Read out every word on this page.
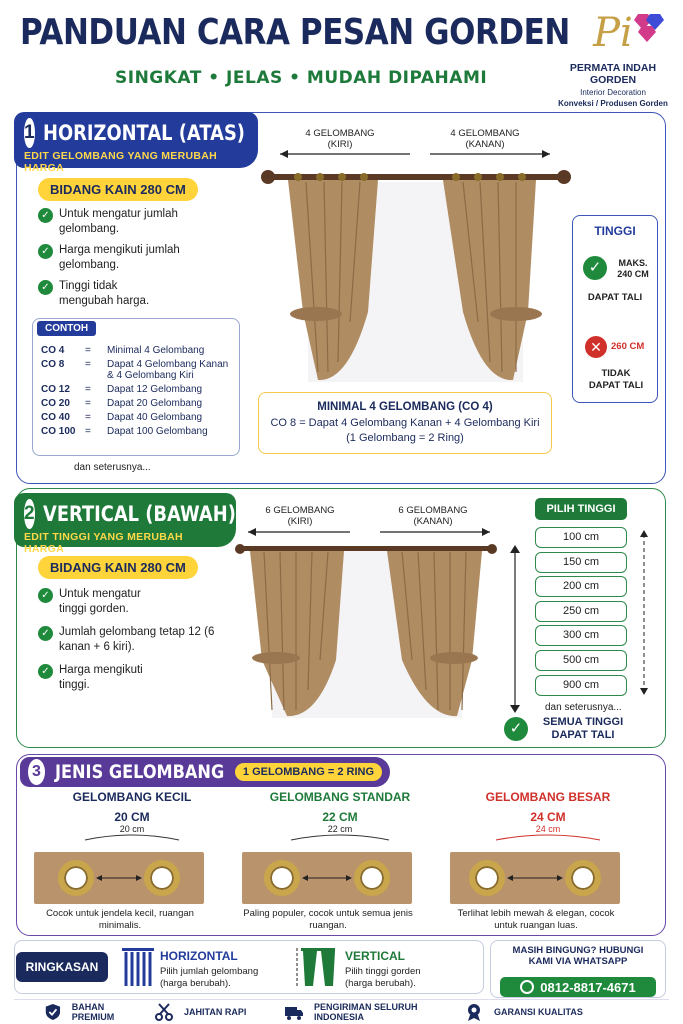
PANDUAN CARA PESAN GORDEN
SINGKAT • JELAS • MUDAH DIPAHAMI
Pi
PERMATA INDAH GORDEN
Interior Decoration
Konveksi / Produsen Gorden
1 HORIZONTAL (ATAS)
EDIT GELOMBANG YANG MERUBAH HARGA
BIDANG KAIN 280 CM
✓ Untuk mengatur jumlah gelombang.
✓ Harga mengikuti jumlah gelombang.
✓ Tinggi tidak mengubah harga.
CONTOH
CO 4	=	Minimal 4 Gelombang
CO 8	=	Dapat 4 Gelombang Kanan & 4 Gelombang Kiri
CO 12	=	Dapat 12 Gelombang
CO 20	=	Dapat 20 Gelombang
CO 40	=	Dapat 40 Gelombang
CO 100	=	Dapat 100 Gelombang
dan seterusnya...
4 GELOMBANG
(KIRI)
4 GELOMBANG
(KANAN)
MINIMAL 4 GELOMBANG (CO 4)
CO 8 = Dapat 4 Gelombang Kanan + 4 Gelombang Kiri
(1 Gelombang = 2 Ring)
TINGGI
✓	MAKS. 240 CM
DAPAT TALI
✕ 260 CM
TIDAK DAPAT TALI
2 VERTICAL (BAWAH)
EDIT TINGGI YANG MERUBAH HARGA
BIDANG KAIN 280 CM
✓ Untuk mengatur tinggi gorden.
✓ Jumlah gelombang tetap 12 (6 kanan + 6 kiri).
✓ Harga mengikuti tinggi.
6 GELOMBANG
(KIRI)
6 GELOMBANG
(KANAN)
PILIH TINGGI
100 cm
150 cm
200 cm
250 cm
300 cm
500 cm
900 cm
dan seterusnya...
✓	SEMUA TINGGI DAPAT TALI
3 JENIS GELOMBANG	1 GELOMBANG = 2 RING
GELOMBANG KECIL
20 CM
20 cm
Cocok untuk jendela kecil, ruangan minimalis.
GELOMBANG STANDAR
22 CM
22 cm
Paling populer, cocok untuk semua jenis ruangan.
GELOMBANG BESAR
24 CM
24 cm
Terlihat lebih mewah & elegan, cocok untuk ruangan luas.
RINGKASAN
HORIZONTAL
Pilih jumlah gelombang (harga berubah).
VERTICAL
Pilih tinggi gorden (harga berubah).
MASIH BINGUNG? HUBUNGI KAMI VIA WHATSAPP
0812-8817-4671
BAHAN PREMIUM	JAHITAN RAPI	PENGIRIMAN SELURUH INDONESIA	GARANSI KUALITAS
